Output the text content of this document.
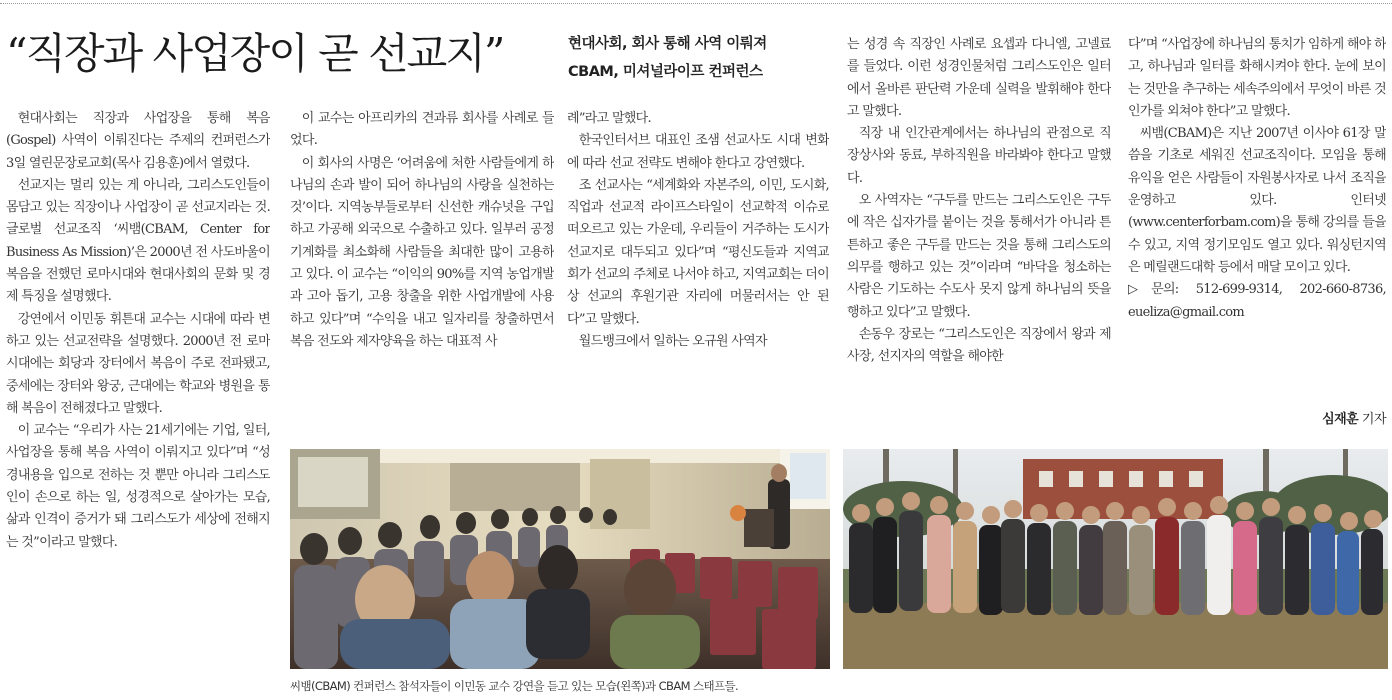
“직장과 사업장이 곧 선교지”	현대사회, 회사 통해 사역 이뤄져
CBAM, 미셔널라이프 컨퍼런스

현대사회는 직장과 사업장을 통해 복음(Gospel) 사역이 이뤄진다는 주제의 컨퍼런스가 3일 열린문장로교회(목사 김용훈)에서 열렸다.

선교지는 멀리 있는 게 아니라, 그리스도인들이 몸담고 있는 직장이나 사업장이 곧 선교지라는 것. 글로벌 선교조직 ‘씨뱀(CBAM, Center for Business As Mission)’은 2000년 전 사도바울이 복음을 전했던 로마시대와 현대사회의 문화 및 경제 특징을 설명했다.

강연에서 이민동 휘튼대 교수는 시대에 따라 변하고 있는 선교전략을 설명했다. 2000년 전 로마시대에는 회당과 장터에서 복음이 주로 전파됐고, 중세에는 장터와 왕궁, 근대에는 학교와 병원을 통해 복음이 전해졌다고 말했다.

이 교수는 “우리가 사는 21세기에는 기업, 일터, 사업장을 통해 복음 사역이 이뤄지고 있다”며 “성경내용을 입으로 전하는 것 뿐만 아니라 그리스도인이 손으로 하는 일, 성경적으로 살아가는 모습, 삶과 인격이 증거가 돼 그리스도가 세상에 전해지는 것”이라고 말했다.

이 교수는 아프리카의 견과류 회사를 사례로 들었다.

이 회사의 사명은 ‘어려움에 처한 사람들에게 하나님의 손과 발이 되어 하나님의 사랑을 실천하는 것’이다. 지역농부들로부터 신선한 캐슈넛을 구입하고 가공해 외국으로 수출하고 있다. 일부러 공정 기계화를 최소화해 사람들을 최대한 많이 고용하고 있다. 이 교수는 “이익의 90%를 지역 농업개발과 고아 돕기, 고용 창출을 위한 사업개발에 사용하고 있다”며 “수익을 내고 일자리를 창출하면서 복음 전도와 제자양육을 하는 대표적 사

례”라고 말했다.

한국인터서브 대표인 조샘 선교사도 시대 변화에 따라 선교 전략도 변해야 한다고 강연했다.

조 선교사는 “세계화와 자본주의, 이민, 도시화, 직업과 선교적 라이프스타일이 선교학적 이슈로 떠오르고 있는 가운데, 우리들이 거주하는 도시가 선교지로 대두되고 있다”며 “평신도들과 지역교회가 선교의 주체로 나서야 하고, 지역교회는 더이상 선교의 후원기관 자리에 머물러서는 안 된다”고 말했다.

월드뱅크에서 일하는 오규원 사역자

는 성경 속 직장인 사례로 요셉과 다니엘, 고넬료를 들었다. 이런 성경인물처럼 그리스도인은 일터에서 올바른 판단력 가운데 실력을 발휘해야 한다고 말했다.

직장 내 인간관계에서는 하나님의 관점으로 직장상사와 동료, 부하직원을 바라봐야 한다고 말했다.

오 사역자는 “구두를 만드는 그리스도인은 구두에 작은 십자가를 붙이는 것을 통해서가 아니라 튼튼하고 좋은 구두를 만드는 것을 통해 그리스도의 의무를 행하고 있는 것”이라며 “바닥을 청소하는 사람은 기도하는 수도사 못지 않게 하나님의 뜻을 행하고 있다”고 말했다.

손동우 장로는 “그리스도인은 직장에서 왕과 제사장, 선지자의 역할을 해야한

다”며 “사업장에 하나님의 통치가 임하게 해야 하고, 하나님과 일터를 화해시켜야 한다. 눈에 보이는 것만을 추구하는 세속주의에서 무엇이 바른 것인가를 외쳐야 한다”고 말했다.

씨뱀(CBAM)은 지난 2007년 이사야 61장 말씀을 기초로 세워진 선교조직이다. 모임을 통해 유익을 얻은 사람들이 자원봉사자로 나서 조직을 운영하고 있다. 인터넷(www.centerforbam.com)을 통해 강의를 들을 수 있고, 지역 정기모임도 열고 있다. 워싱턴지역은 메릴랜드대학 등에서 매달 모이고 있다.

▷문의: 512-699-9314, 202-660-8736, eueliza@gmail.com

심재훈 기자
씨뱀(CBAM) 컨퍼런스 참석자들이 이민동 교수 강연을 듣고 있는 모습(왼쪽)과 CBAM 스태프들.
